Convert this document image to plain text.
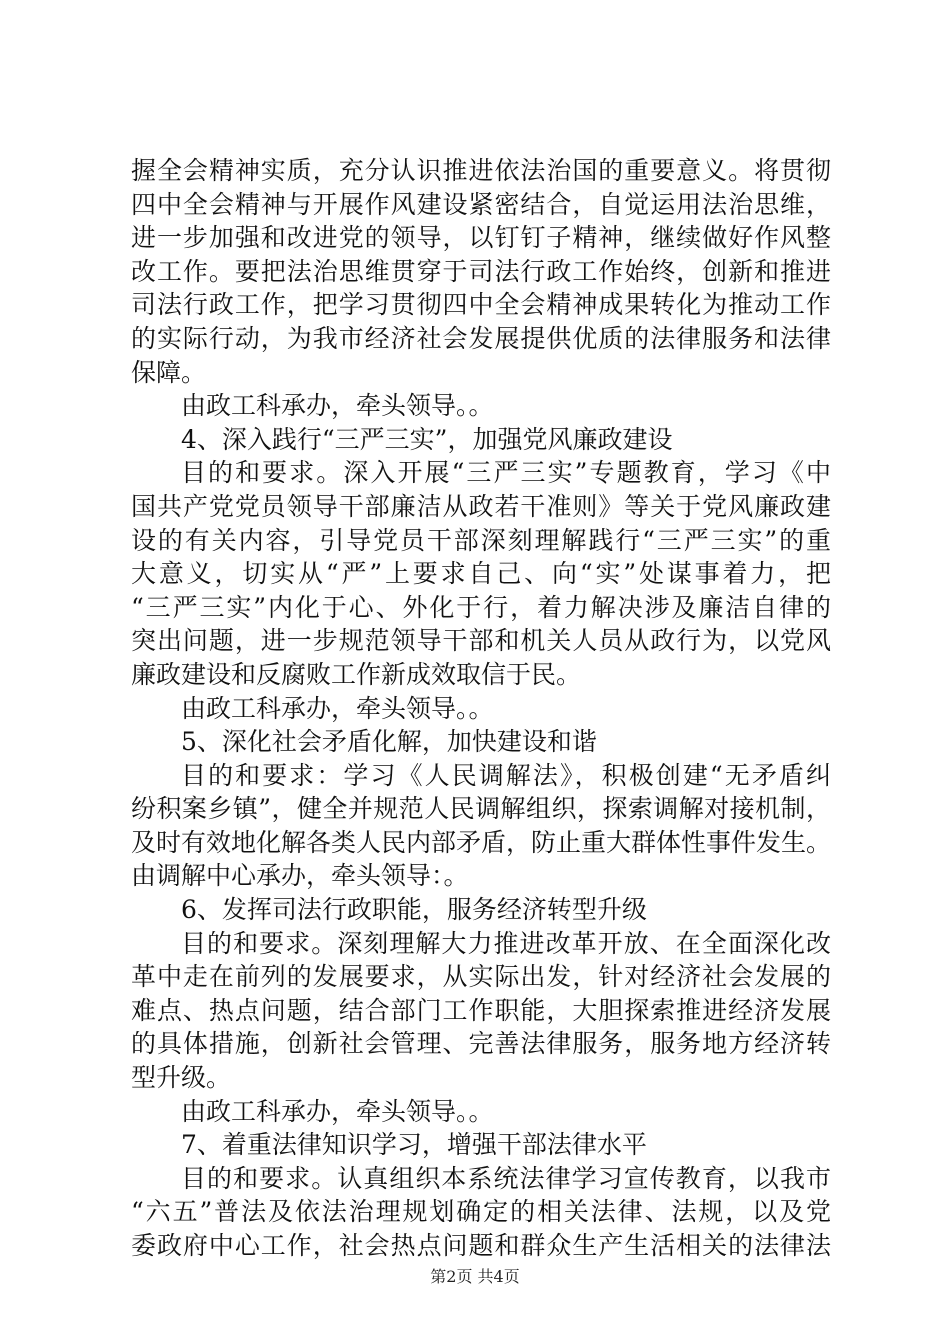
握全会精神实质，充分认识推进依法治国的重要意义。将贯彻
四中全会精神与开展作风建设紧密结合，自觉运用法治思维，
进一步加强和改进党的领导，以钉钉子精神，继续做好作风整
改工作。要把法治思维贯穿于司法行政工作始终，创新和推进
司法行政工作，把学习贯彻四中全会精神成果转化为推动工作
的实际行动，为我市经济社会发展提供优质的法律服务和法律
保障。
由政工科承办，牵头领导。。
4、深入践行“三严三实”，加强党风廉政建设
目的和要求。深入开展“三严三实”专题教育，学习《中
国共产党党员领导干部廉洁从政若干准则》等关于党风廉政建
设的有关内容，引导党员干部深刻理解践行“三严三实”的重
大意义，切实从“严”上要求自己、向“实”处谋事着力，把
“三严三实”内化于心、外化于行，着力解决涉及廉洁自律的
突出问题，进一步规范领导干部和机关人员从政行为，以党风
廉政建设和反腐败工作新成效取信于民。
由政工科承办，牵头领导。。
5、深化社会矛盾化解，加快建设和谐
目的和要求：学习《人民调解法》，积极创建“无矛盾纠
纷积案乡镇”，健全并规范人民调解组织，探索调解对接机制，
及时有效地化解各类人民内部矛盾，防止重大群体性事件发生。
由调解中心承办，牵头领导：。
6、发挥司法行政职能，服务经济转型升级
目的和要求。深刻理解大力推进改革开放、在全面深化改
革中走在前列的发展要求，从实际出发，针对经济社会发展的
难点、热点问题，结合部门工作职能，大胆探索推进经济发展
的具体措施，创新社会管理、完善法律服务，服务地方经济转
型升级。
由政工科承办，牵头领导。。
7、着重法律知识学习，增强干部法律水平
目的和要求。认真组织本系统法律学习宣传教育，以我市
“六五”普法及依法治理规划确定的相关法律、法规，以及党
委政府中心工作，社会热点问题和群众生产生活相关的法律法
第2页 共4页
